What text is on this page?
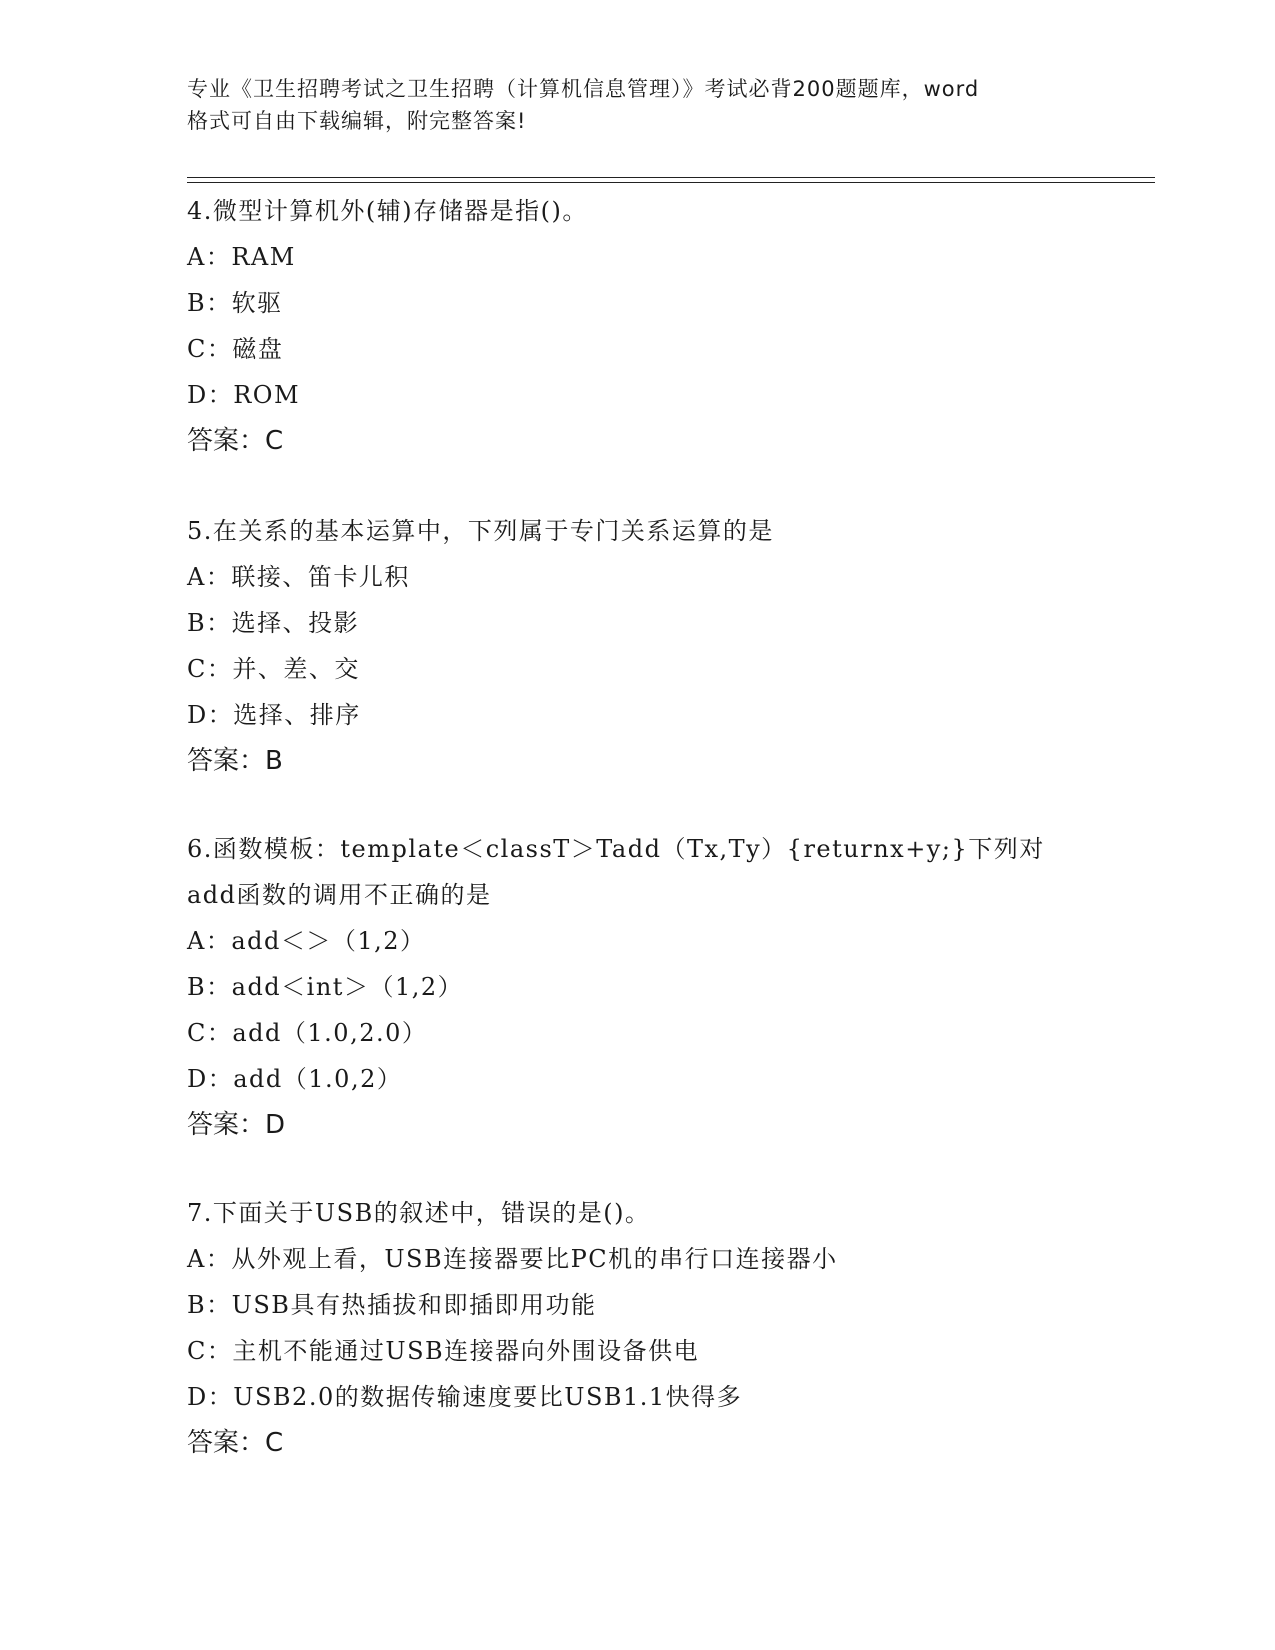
专业《卫生招聘考试之卫生招聘（计算机信息管理）》考试必背200题题库，word
格式可自由下载编辑，附完整答案!
4.微型计算机外(辅)存储器是指()。
A：RAM
B：软驱
C：磁盘
D：ROM
答案：C
5.在关系的基本运算中，下列属于专门关系运算的是
A：联接、笛卡儿积
B：选择、投影
C：并、差、交
D：选择、排序
答案：B
6.函数模板：template＜classT＞Tadd（Tx,Ty）{returnx+y;}下列对
add函数的调用不正确的是
A：add＜＞（1,2）
B：add＜int＞（1,2）
C：add（1.0,2.0）
D：add（1.0,2）
答案：D
7.下面关于USB的叙述中，错误的是()。
A：从外观上看，USB连接器要比PC机的串行口连接器小
B：USB具有热插拔和即插即用功能
C：主机不能通过USB连接器向外围设备供电
D：USB2.0的数据传输速度要比USB1.1快得多
答案：C
